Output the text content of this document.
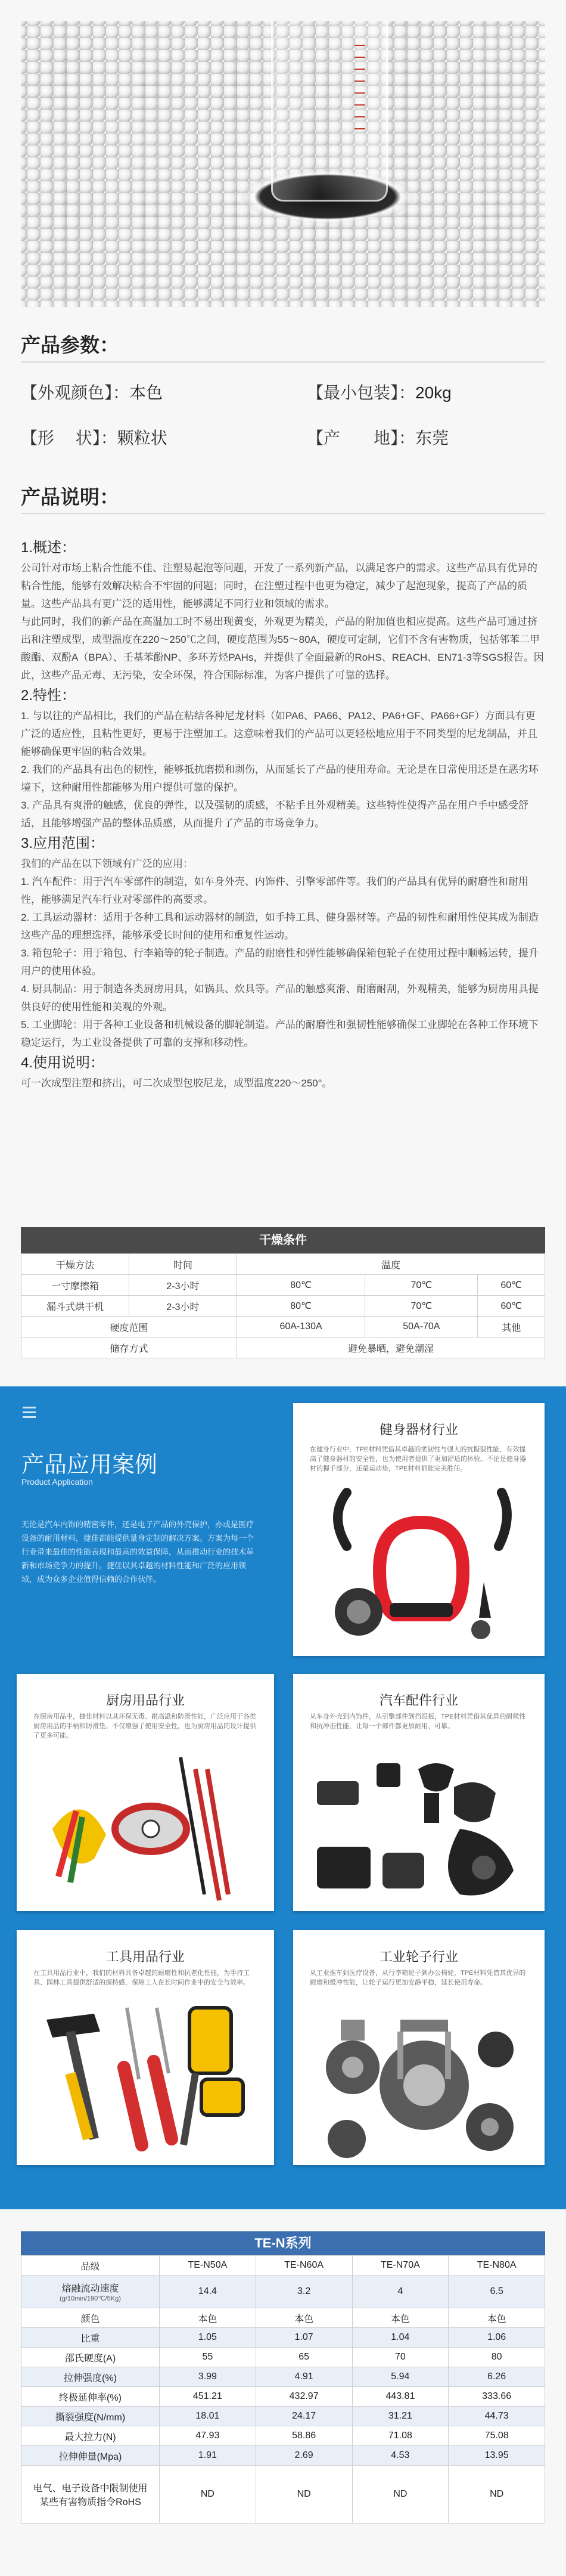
产品参数：
【外观颜色】：本色	【最小包装】：20kg
【形　 状】：颗粒状	【产　　地】：东莞
产品说明：
1.概述：

公司针对市场上粘合性能不佳、注塑易起泡等问题，开发了一系列新产品，以满足客户的需求。这些产品具有优异的粘合性能，能够有效解决粘合不牢固的问题；同时，在注塑过程中也更为稳定，减少了起泡现象，提高了产品的质量。这些产品具有更广泛的适用性，能够满足不同行业和领域的需求。

与此同时，我们的新产品在高温加工时不易出现黄变，外观更为精美，产品的附加值也相应提高。这些产品可通过挤出和注塑成型，成型温度在220～250℃之间，硬度范围为55～80A，硬度可定制，它们不含有害物质，包括邻苯二甲酸酯、双酚A（BPA）、壬基苯酚NP、多环芳烃PAHs，并提供了全面最新的RoHS、REACH、EN71-3等SGS报告。因此，这些产品无毒、无污染，安全环保，符合国际标准，为客户提供了可靠的选择。

2.特性：

1. 与以往的产品相比，我们的产品在粘结各种尼龙材料（如PA6、PA66、PA12、PA6+GF、PA66+GF）方面具有更广泛的适应性，且粘性更好，更易于注塑加工。这意味着我们的产品可以更轻松地应用于不同类型的尼龙制品，并且能够确保更牢固的粘合效果。

2. 我们的产品具有出色的韧性，能够抵抗磨损和剥伤，从而延长了产品的使用寿命。无论是在日常使用还是在恶劣环境下，这种耐用性都能够为用户提供可靠的保护。

3. 产品具有爽滑的触感，优良的弹性，以及强韧的质感，不粘手且外观精美。这些特性使得产品在用户手中感受舒适，且能够增强产品的整体品质感，从而提升了产品的市场竞争力。

3.应用范围：

我们的产品在以下领域有广泛的应用：

1. 汽车配件：用于汽车零部件的制造，如车身外壳、内饰件、引擎零部件等。我们的产品具有优异的耐磨性和耐用性，能够满足汽车行业对零部件的高要求。

2. 工具运动器材：适用于各种工具和运动器材的制造，如手持工具、健身器材等。产品的韧性和耐用性使其成为制造这些产品的理想选择，能够承受长时间的使用和重复性运动。

3. 箱包轮子：用于箱包、行李箱等的轮子制造。产品的耐磨性和弹性能够确保箱包轮子在使用过程中顺畅运转，提升用户的使用体验。

4. 厨具制品：用于制造各类厨房用具，如锅具、炊具等。产品的触感爽滑、耐磨耐刮，外观精美，能够为厨房用具提供良好的使用性能和美观的外观。

5. 工业脚轮：用于各种工业设备和机械设备的脚轮制造。产品的耐磨性和强韧性能够确保工业脚轮在各种工作环境下稳定运行，为工业设备提供了可靠的支撑和移动性。

4.使用说明：

可一次成型注塑和挤出，可二次成型包胶尼龙，成型温度220～250°。

干燥条件
干燥方法	时间	温度		
一寸摩擦箱	2-3小时	80℃	70℃	60℃
漏斗式烘干机	2-3小时	80℃	70℃	60℃
硬度范围		60A-130A	50A-70A	其他
储存方式		避免暴晒，避免潮湿		
产品应用案例
Product Application
无论是汽车内饰的精密零件，还是电子产品的外壳保护，亦或是医疗设备的耐用材料，捷佳都能提供量身定制的解决方案。方案为每一个行业带来最佳的性能表现和最高的效益保障，从而推动行业的技术革新和市场竞争力的提升。捷佳以其卓越的材料性能和广泛的应用领域，成为众多企业值得信赖的合作伙伴。
健身器材行业
在健身行业中，TPE材料凭借其卓越的柔韧性与强大的抗撕裂性能，有效提高了健身器材的安全性，也为使用者提供了更加舒适的体验。不论是健身器材的握手部分，还是运动垫，TPE材料都能完美胜任。
厨房用品行业
在厨房用品中，捷佳材料以其环保无毒、耐高温和防滑性能，广泛应用于各类厨房用品的手柄和防滑垫。不仅增强了使用安全性，也为厨房用品的设计提供了更多可能。
汽车配件行业
从车身外壳到内饰件，从引擎部件到挡泥板，TPE材料凭借其优异的耐候性和抗冲击性能，让每一个部件都更加耐用、可靠。
工具用品行业
在工具用品行业中，我们的材料具备卓越的耐磨性和抗老化性能，为手持工具、园林工具提供舒适的握持感，保障工人在长时间作业中的安全与效率。
工业轮子行业
从工业推车到医疗设备，从行李箱轮子到办公椅轮，TPE材料凭借其优异的耐磨和缓冲性能，让轮子运行更加安静平稳，延长使用寿命。
TE-N系列
品级	TE-N50A	TE-N60A	TE-N70A	TE-N80A

熔融流动速度
(g/10min/190℃/5Kg)	14.4	3.2	4	6.5
颜色	本色	本色	本色	本色
比重	1.05	1.07	1.04	1.06
邵氏硬度(A)	55	65	70	80
拉伸强度(%)	3.99	4.91	5.94	6.26
终极延伸率(%)	451.21	432.97	443.81	333.66
撕裂强度(N/mm)	18.01	24.17	31.21	44.73
最大拉力(N)	47.93	58.86	71.08	75.08
拉伸伸量(Mpa)	1.91	2.69	4.53	13.95
电气、电子设备中限制使用某些有害物质指令RoHS	ND	ND	ND	ND
